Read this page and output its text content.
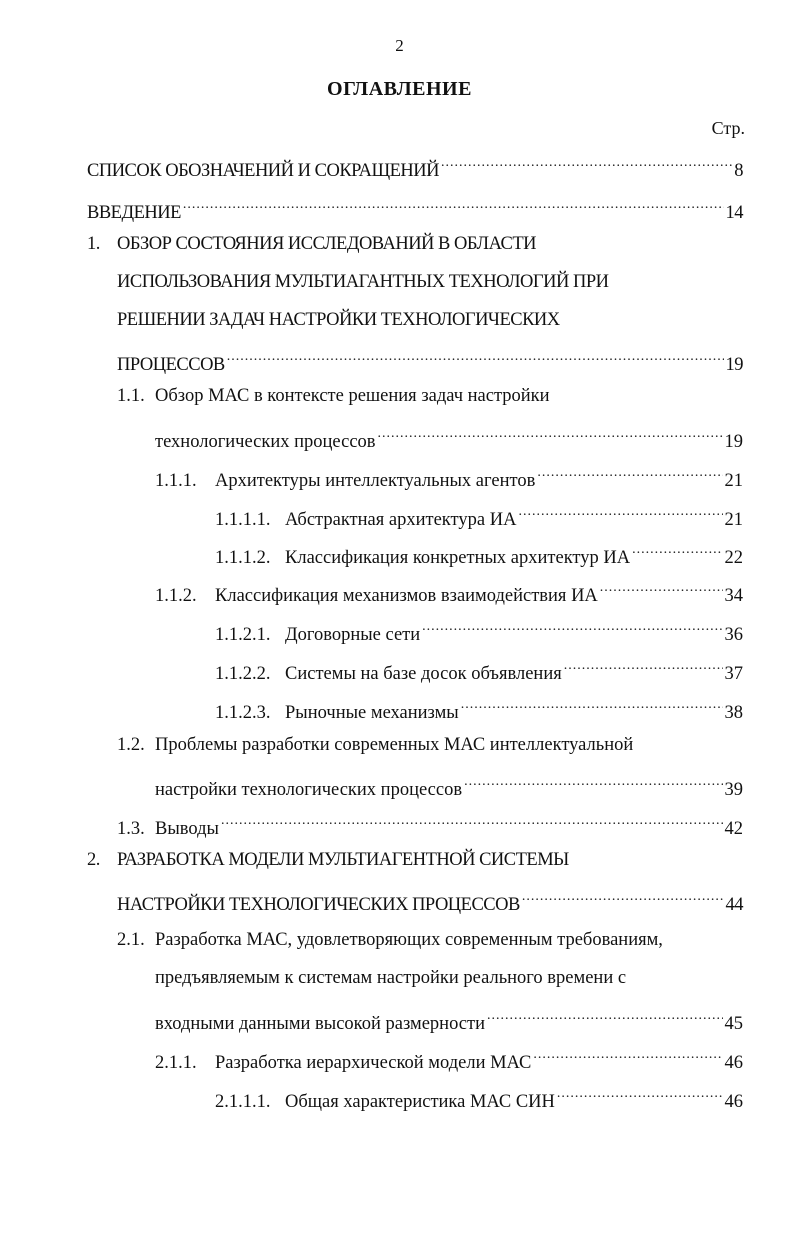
2
ОГЛАВЛЕНИЕ
Стр.
СПИСОК ОБОЗНАЧЕНИЙ И СОКРАЩЕНИЙ .....	8
ВВЕДЕНИЕ .....	14
1. ОБЗОР СОСТОЯНИЯ ИССЛЕДОВАНИЙ В ОБЛАСТИ
ИСПОЛЬЗОВАНИЯ МУЛЬТИАГАНТНЫХ ТЕХНОЛОГИЙ ПРИ
РЕШЕНИИ ЗАДАЧ НАСТРОЙКИ ТЕХНОЛОГИЧЕСКИХ
ПРОЦЕССОВ .....	19
1.1. Обзор МАС в контексте решения задач настройки
технологических процессов .....	19
1.1.1. Архитектуры интеллектуальных агентов .....	21
1.1.1.1. Абстрактная архитектура ИА .....	21
1.1.1.2. Классификация конкретных архитектур ИА .....	22
1.1.2. Классификация механизмов взаимодействия ИА .....	34
1.1.2.1. Договорные сети .....	36
1.1.2.2. Системы на базе досок объявления .....	37
1.1.2.3. Рыночные механизмы .....	38
1.2. Проблемы разработки современных МАС интеллектуальной
настройки технологических процессов .....	39
1.3. Выводы .....	42
2. РАЗРАБОТКА МОДЕЛИ МУЛЬТИАГЕНТНОЙ СИСТЕМЫ
НАСТРОЙКИ ТЕХНОЛОГИЧЕСКИХ ПРОЦЕССОВ .....	44
2.1. Разработка МАС, удовлетворяющих современным требованиям,
предъявляемым к системам настройки реального времени с
входными данными высокой размерности .....	45
2.1.1. Разработка иерархической модели МАС .....	46
2.1.1.1. Общая характеристика МАС СИН .....	46
